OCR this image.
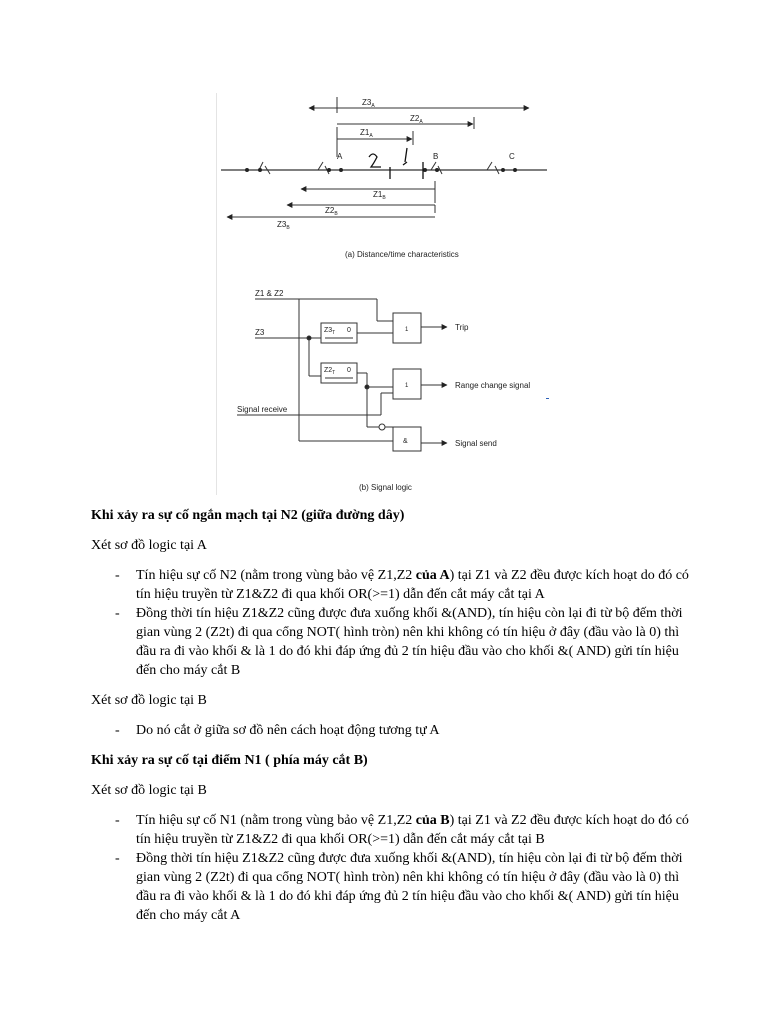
$Z3_A$
$Z2_A$
$Z1_A$
A	B	C
$Z1_B$
$Z2_B$
$Z3_B$
(a) Distance/time characteristics
Z1 & Z2
Z3
Signal receive
$Z3_T$ 0
$Z2_T$ 0
1
1
&
Trip
Range change signal
Signal send
(b) Signal logic

Khi xảy ra sự cố ngắn mạch tại N2 (giữa đường dây)

Xét sơ đồ logic tại A

- Tín hiệu sự cố N2 (nằm trong vùng bảo vệ Z1,Z2 của A) tại Z1 và Z2 đều được kích hoạt do đó có tín hiệu truyền từ Z1&Z2 đi qua khối OR(>=1) dẫn đến cắt máy cắt tại A
- Đồng thời tín hiệu Z1&Z2 cũng được đưa xuống khối &(AND), tín hiệu còn lại đi từ bộ đếm thời gian vùng 2 (Z2t) đi qua cổng NOT( hình tròn) nên khi không có tín hiệu ở đây (đầu vào là 0) thì đầu ra đi vào khối & là 1 do đó khi đáp ứng đủ 2 tín hiệu đầu vào cho khối &( AND) gửi tín hiệu đến cho máy cắt B

Xét sơ đồ logic tại B

- Do nó cắt ở giữa sơ đồ nên cách hoạt động tương tự A

Khi xảy ra sự cố tại điểm N1 ( phía máy cắt B)

Xét sơ đồ logic tại B

- Tín hiệu sự cố N1 (nằm trong vùng bảo vệ Z1,Z2 của B) tại Z1 và Z2 đều được kích hoạt do đó có tín hiệu truyền từ Z1&Z2 đi qua khối OR(>=1) dẫn đến cắt máy cắt tại B
- Đồng thời tín hiệu Z1&Z2 cũng được đưa xuống khối &(AND), tín hiệu còn lại đi từ bộ đếm thời gian vùng 2 (Z2t) đi qua cổng NOT( hình tròn) nên khi không có tín hiệu ở đây (đầu vào là 0) thì đầu ra đi vào khối & là 1 do đó khi đáp ứng đủ 2 tín hiệu đầu vào cho khối &( AND) gửi tín hiệu đến cho máy cắt A
